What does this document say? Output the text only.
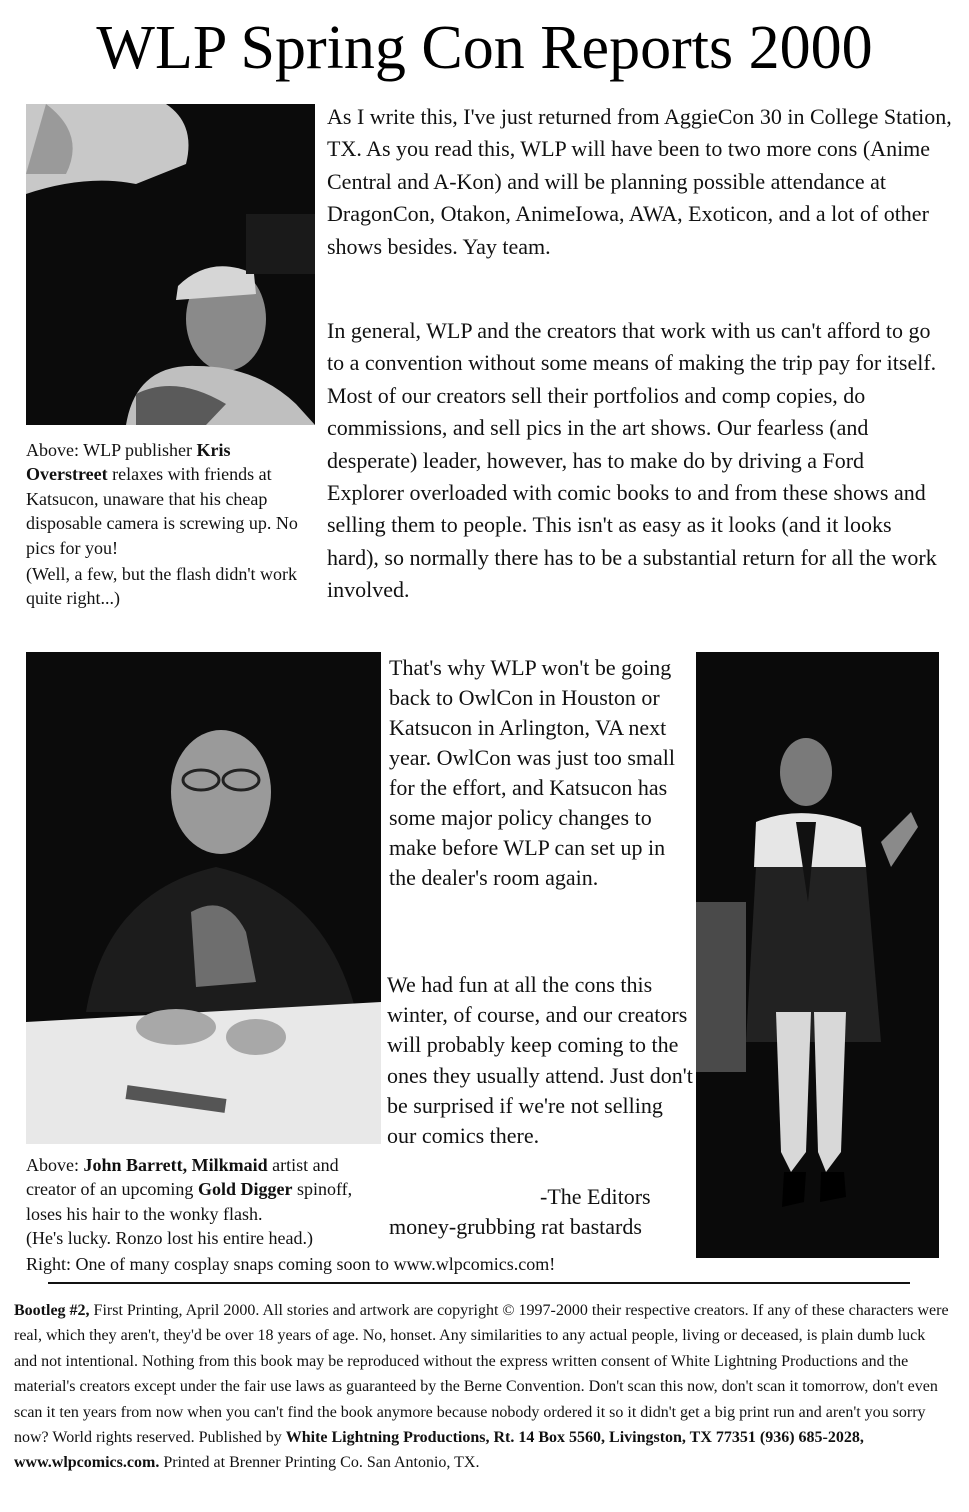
WLP Spring Con Reports 2000
As I write this, I've just returned from AggieCon 30 in College Station, TX. As you read this, WLP will have been to two more cons (Anime Central and A-Kon) and will be planning possible attendance at DragonCon, Otakon, AnimeIowa, AWA, Exoticon, and a lot of other shows besides. Yay team.
In general, WLP and the creators that work with us can't afford to go to a convention without some means of making the trip pay for itself. Most of our creators sell their portfolios and comp copies, do commissions, and sell pics in the art shows. Our fearless (and desperate) leader, however, has to make do by driving a Ford Explorer overloaded with comic books to and from these shows and selling them to people. This isn't as easy as it looks (and it looks hard), so normally there has to be a substantial return for all the work involved.
Above: WLP publisher Kris Overstreet relaxes with friends at Katsucon, unaware that his cheap disposable camera is screwing up. No pics for you!
(Well, a few, but the flash didn't work quite right...)
That's why WLP won't be going back to OwlCon in Houston or Katsucon in Arlington, VA next year. OwlCon was just too small for the effort, and Katsucon has some major policy changes to make before WLP can set up in the dealer's room again.
We had fun at all the cons this winter, of course, and our creators will probably keep coming to the ones they usually attend. Just don't be surprised if we're not selling our comics there.
-The Editors
money-grubbing rat bastards
Above: John Barrett, Milkmaid artist and creator of an upcoming Gold Digger spinoff, loses his hair to the wonky flash.
(He's lucky. Ronzo lost his entire head.)
Right: One of many cosplay snaps coming soon to www.wlpcomics.com!
Bootleg #2, First Printing, April 2000. All stories and artwork are copyright © 1997-2000 their respective creators. If any of these characters were real, which they aren't, they'd be over 18 years of age. No, honset. Any similarities to any actual people, living or deceased, is plain dumb luck and not intentional. Nothing from this book may be reproduced without the express written consent of White Lightning Productions and the material's creators except under the fair use laws as guaranteed by the Berne Convention. Don't scan this now, don't scan it tomorrow, don't even scan it ten years from now when you can't find the book anymore because nobody ordered it so it didn't get a big print run and aren't you sorry now? World rights reserved. Published by White Lightning Productions, Rt. 14 Box 5560, Livingston, TX 77351 (936) 685-2028, www.wlpcomics.com. Printed at Brenner Printing Co. San Antonio, TX.
